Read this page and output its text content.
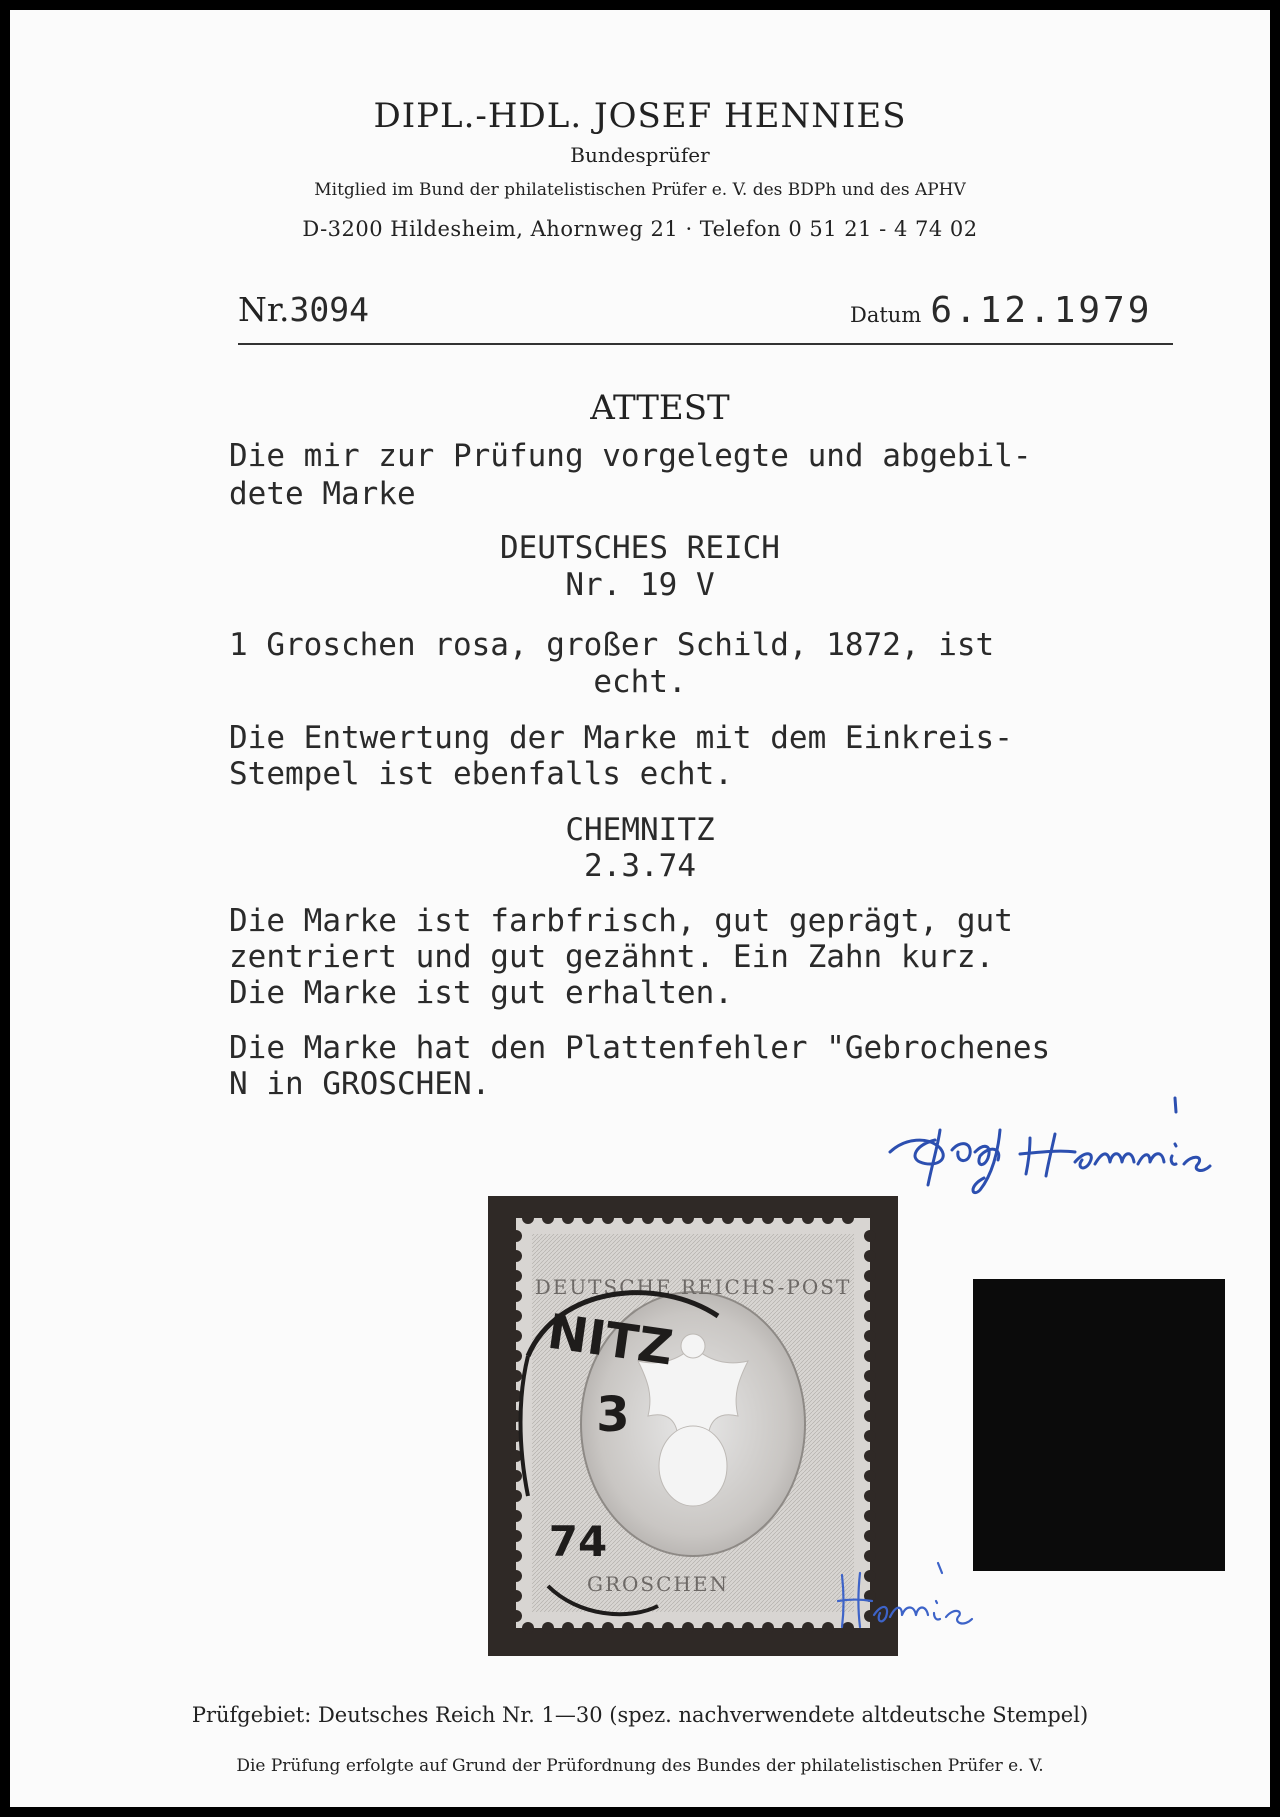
DIPL.-HDL. JOSEF HENNIES
Bundesprüfer
Mitglied im Bund der philatelistischen Prüfer e. V. des BDPh und des APHV
D-3200 Hildesheim, Ahornweg 21 · Telefon 0 51 21 - 4 74 02
Nr.3094	Datum 6.12.1979
ATTEST
Die mir zur Prüfung vorgelegte und abgebil-
dete Marke
DEUTSCHES REICH
Nr. 19 V
1 Groschen rosa, großer Schild, 1872, ist
echt.
Die Entwertung der Marke mit dem Einkreis-
Stempel ist ebenfalls echt.
CHEMNITZ
2.3.74
Die Marke ist farbfrisch, gut geprägt, gut
zentriert und gut gezähnt. Ein Zahn kurz.
Die Marke ist gut erhalten.
Die Marke hat den Plattenfehler "Gebrochenes
N in GROSCHEN.
DEUTSCHE REICHS-POST
GROSCHEN
NITZ
3
74
Prüfgebiet: Deutsches Reich Nr. 1—30 (spez. nachverwendete altdeutsche Stempel)
Die Prüfung erfolgte auf Grund der Prüfordnung des Bundes der philatelistischen Prüfer e. V.
